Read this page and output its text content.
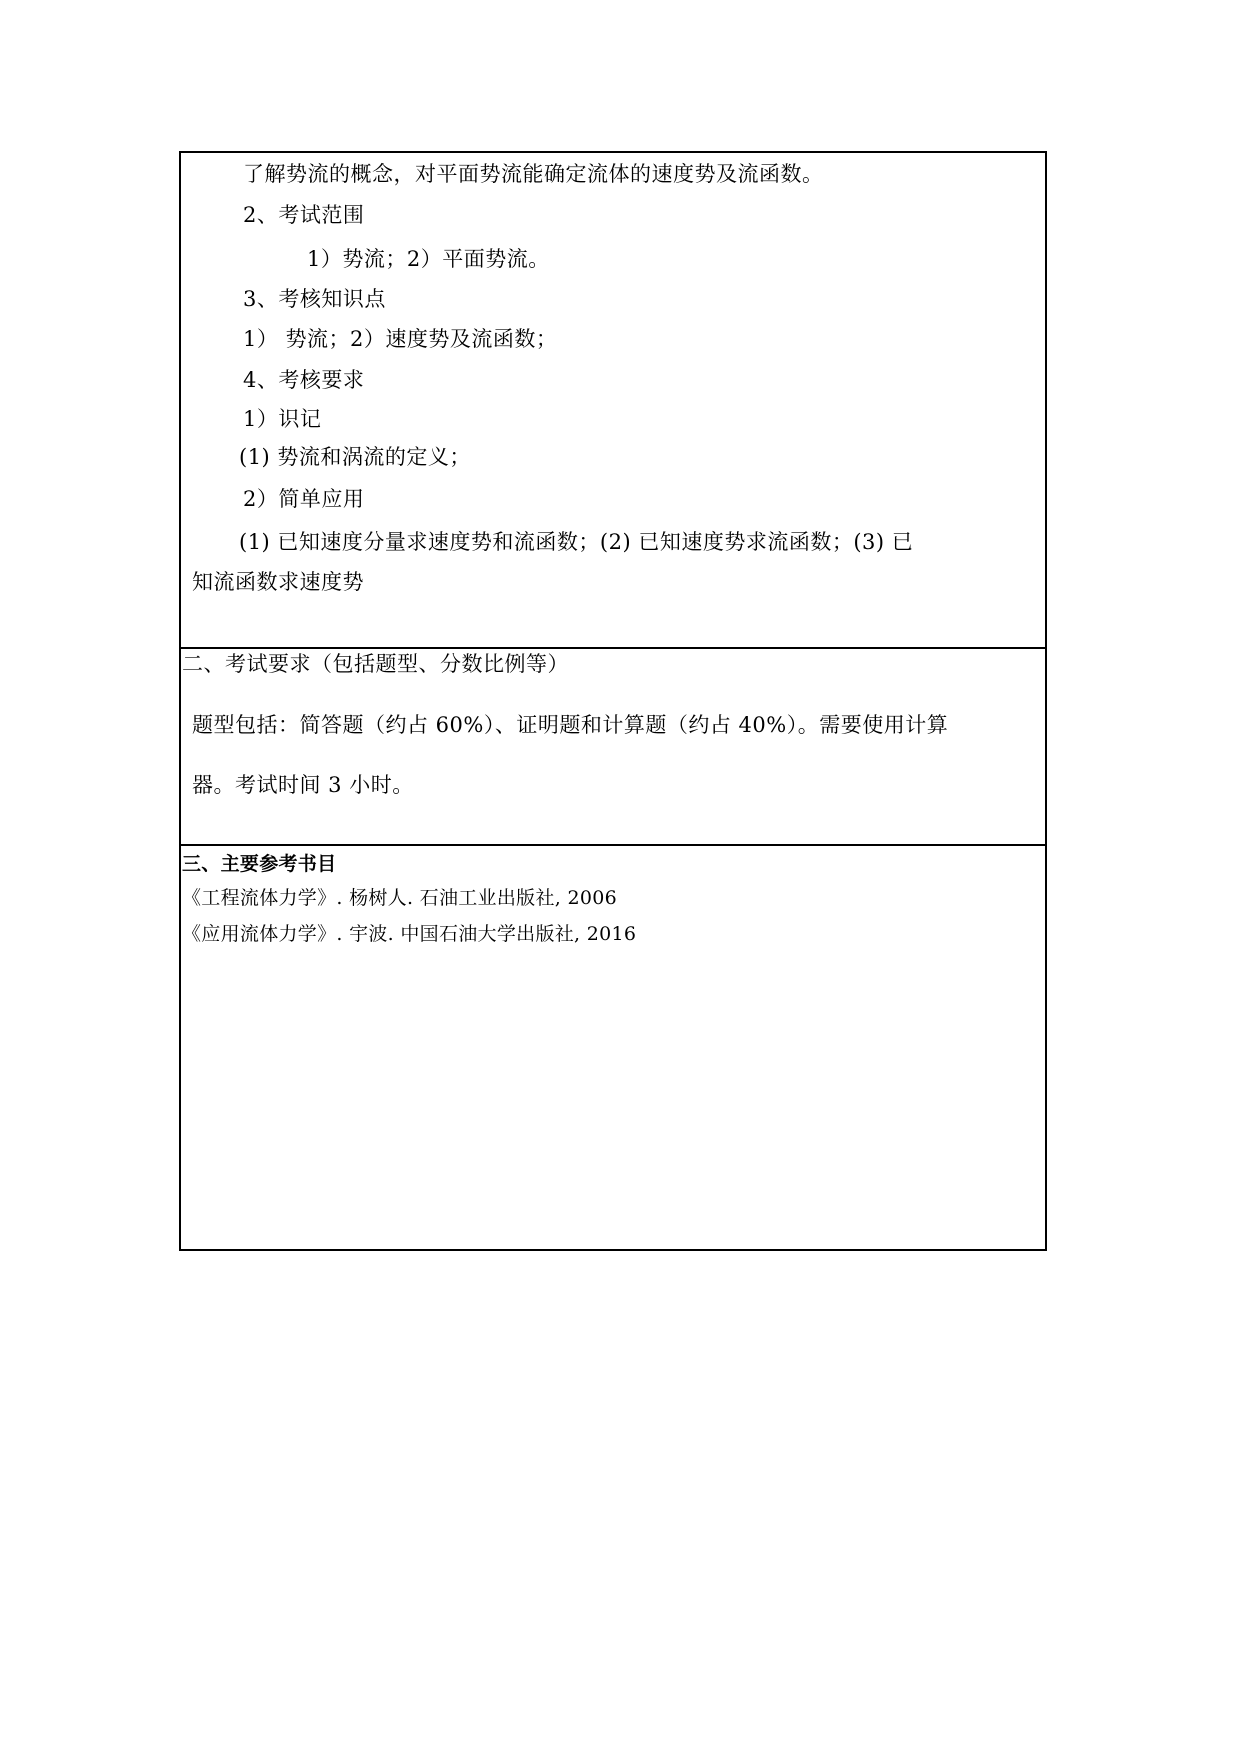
了解势流的概念，对平面势流能确定流体的速度势及流函数。
2、考试范围
1）势流；2）平面势流。
3、考核知识点
1） 势流；2）速度势及流函数；
4、考核要求
1）识记
(1) 势流和涡流的定义；
2）简单应用
(1) 已知速度分量求速度势和流函数；(2) 已知速度势求流函数；(3) 已
知流函数求速度势
二、考试要求（包括题型、分数比例等）
题型包括：简答题（约占 60%）、证明题和计算题（约占 40%）。需要使用计算
器。考试时间 3 小时。
三、主要参考书目
《工程流体力学》. 杨树人. 石油工业出版社, 2006
《应用流体力学》. 宇波. 中国石油大学出版社, 2016
